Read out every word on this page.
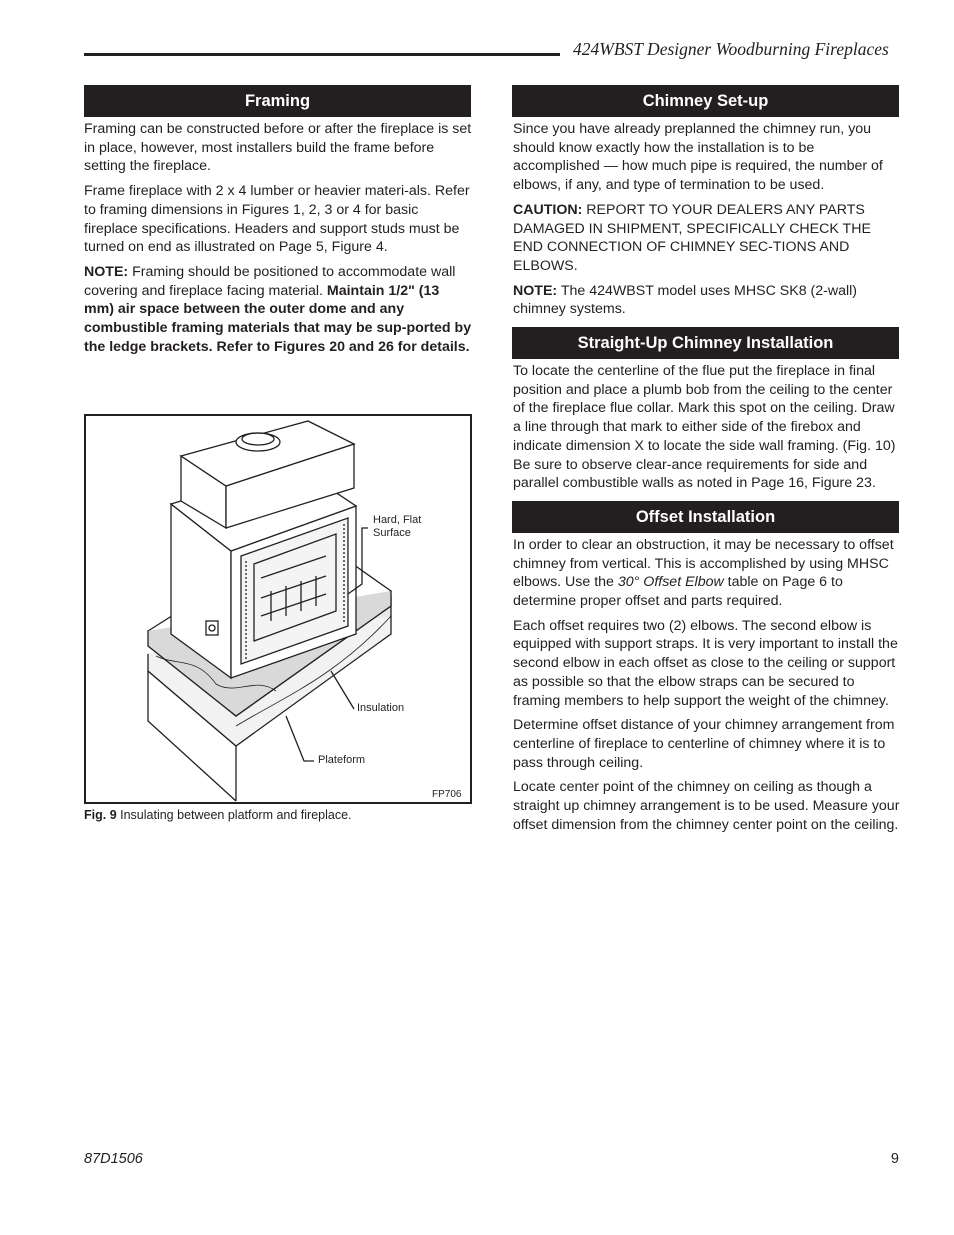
424WBST Designer Woodburning Fireplaces
Framing

Framing can be constructed before or after the fireplace is set in place, however, most installers build the frame before setting the fireplace.

Frame fireplace with 2 x 4 lumber or heavier materi-als. Refer to framing dimensions in Figures 1, 2, 3 or 4 for basic fireplace specifications. Headers and support studs must be turned on end as illustrated on Page 5, Figure 4.

NOTE: Framing should be positioned to accommodate wall covering and fireplace facing material. Maintain 1/2" (13 mm) air space between the outer dome and any combustible framing materials that may be sup-ported by the ledge brackets. Refer to Figures 20 and 26 for details.

Hard, Flat Surface
Insulation
Plateform
FP706
Fig. 9 Insulating between platform and fireplace.
Chimney Set-up

Since you have already preplanned the chimney run, you should know exactly how the installation is to be accomplished — how much pipe is required, the number of elbows, if any, and type of termination to be used.

CAUTION: REPORT TO YOUR DEALERS ANY PARTS DAMAGED IN SHIPMENT, SPECIFICALLY CHECK THE END CONNECTION OF CHIMNEY SEC-TIONS AND ELBOWS.

NOTE: The 424WBST model uses MHSC SK8 (2-wall) chimney systems.

Straight-Up Chimney Installation

To locate the centerline of the flue put the fireplace in final position and place a plumb bob from the ceiling to the center of the fireplace flue collar. Mark this spot on the ceiling. Draw a line through that mark to either side of the firebox and indicate dimension X to locate the side wall framing. (Fig. 10) Be sure to observe clear-ance requirements for side and parallel combustible walls as noted in Page 16, Figure 23.

Offset Installation

In order to clear an obstruction, it may be necessary to offset chimney from vertical. This is accomplished by using MHSC elbows. Use the 30° Offset Elbow table on Page 6 to determine proper offset and parts required.

Each offset requires two (2) elbows. The second elbow is equipped with support straps. It is very important to install the second elbow in each offset as close to the ceiling or support as possible so that the elbow straps can be secured to framing members to help support the weight of the chimney.

Determine offset distance of your chimney arrangement from centerline of fireplace to centerline of chimney where it is to pass through ceiling.

Locate center point of the chimney on ceiling as though a straight up chimney arrangement is to be used. Measure your offset dimension from the chimney center point on the ceiling.

87D1506	9
